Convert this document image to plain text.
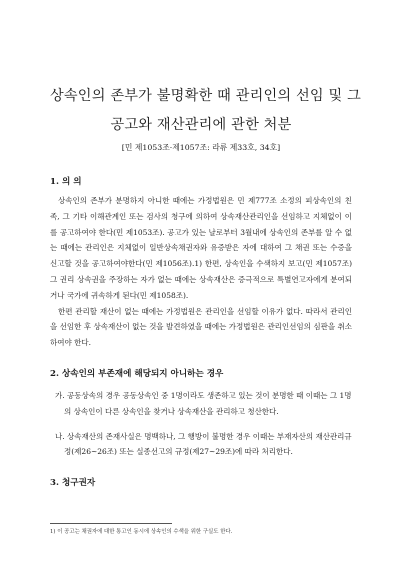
상속인의 존부가 불명확한 때 관리인의 선임 및 그
공고와 재산관리에 관한 처분
[민 제1053조·제1057조: 라류 제33호, 34호]
1. 의 의

상속인의 존부가 분명하지 아니한 때에는 가정법원은 민 제777조 소정의 피상속인의 친족, 그 기타 이해관계인 또는 검사의 청구에 의하여 상속재산관리인을 선임하고 지체없이 이를 공고하여야 한다(민 제1053조). 공고가 있는 날로부터 3월내에 상속인의 존부를 알 수 없는 때에는 관리인은 지체없이 일반상속채권자와 유증받은 자에 대하여 그 채권 또는 수증을 신고할 것을 공고하여야한다(민 제1056조).1) 한편, 상속인을 수색하지 보고(민 제1057조) 그 권리 상속권을 주장하는 자가 없는 때에는 상속재산은 증극적으로 특별연고자에게 분여되거나 국가에 귀속하게 된다(민 제1058조).

한편 관리할 재산이 없는 때에는 가정법원은 관리인을 선임할 이유가 없다. 따라서 관리인을 선임한 후 상속재산이 없는 것을 발견하였을 때에는 가정법원은 관리인선임의 심판을 취소하여야 한다.

2. 상속인의 부존재에 해당되지 아니하는 경우

가. 공동상속의 경우 공동상속인 중 1명이라도 생존하고 있는 것이 분명한 때 이때는 그 1명의 상속인이 다른 상속인을 찾거나 상속재산을 관리하고 청산한다.

나. 상속재산의 존재사실은 명백하나, 그 행방이 불명한 경우 이때는 부재자산의 재산관리규정(제26~26조) 또는 실종선고의 규정(제27~29조)에 따라 처리한다.

3. 청구권자
1) 이 공고는 채권자에 대한 통고인 동시에 상속인의 수색을 위한 구실도 한다.
